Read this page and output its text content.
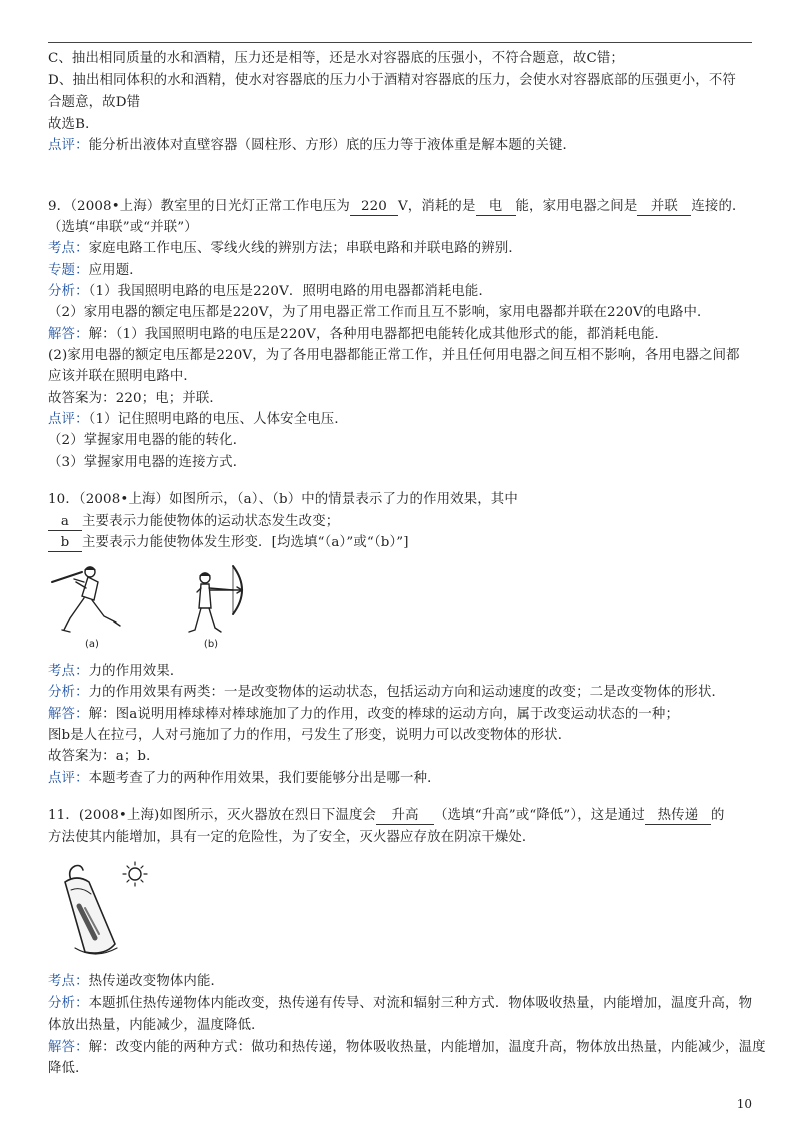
C、抽出相同质量的水和酒精，压力还是相等，还是水对容器底的压强小，不符合题意，故C错；
D、抽出相同体积的水和酒精，使水对容器底的压力小于酒精对容器底的压力，会使水对容器底部的压强更小，不符
合题意，故D错
故选B．
点评：能分析出液体对直壁容器（圆柱形、方形）底的压力等于液体重是解本题的关键．
9．（2008•上海）教室里的日光灯正常工作电压为 220 V，消耗的是 电 能，家用电器之间是 并联 连接的．
（选填“串联”或“并联”）
考点：家庭电路工作电压、零线火线的辨别方法；串联电路和并联电路的辨别．
专题：应用题．
分析：（1）我国照明电路的电压是220V．照明电路的用电器都消耗电能．
（2）家用电器的额定电压都是220V，为了用电器正常工作而且互不影响，家用电器都并联在220V的电路中．
解答：解：（1）我国照明电路的电压是220V，各种用电器都把电能转化成其他形式的能，都消耗电能．
(2)家用电器的额定电压都是220V，为了各用电器都能正常工作，并且任何用电器之间互相不影响，各用电器之间都
应该并联在照明电路中．
故答案为：220；电；并联．
点评：（1）记住照明电路的电压、人体安全电压．
（2）掌握家用电器的能的转化．
（3）掌握家用电器的连接方式．
10．（2008•上海）如图所示，（a）、（b）中的情景表示了力的作用效果，其中
a 主要表示力能使物体的运动状态发生改变；
b 主要表示力能使物体发生形变．[均选填“（a）”或“（b）”]
(a)	(b)
考点：力的作用效果．
分析：力的作用效果有两类：一是改变物体的运动状态，包括运动方向和运动速度的改变；二是改变物体的形状．
解答：解：图a说明用棒球棒对棒球施加了力的作用，改变的棒球的运动方向，属于改变运动状态的一种；
图b是人在拉弓，人对弓施加了力的作用，弓发生了形变，说明力可以改变物体的形状．
故答案为：a；b．
点评：本题考查了力的两种作用效果，我们要能够分出是哪一种．
11．(2008•上海)如图所示，灭火器放在烈日下温度会 升高 （选填“升高”或“降低”），这是通过 热传递 的
方法使其内能增加，具有一定的危险性，为了安全，灭火器应存放在阴凉干燥处．
考点：热传递改变物体内能．
分析：本题抓住热传递物体内能改变，热传递有传导、对流和辐射三种方式．物体吸收热量，内能增加，温度升高，物
体放出热量，内能减少，温度降低．
解答：解：改变内能的两种方式：做功和热传递，物体吸收热量，内能增加，温度升高，物体放出热量，内能减少，温度
降低．
10
